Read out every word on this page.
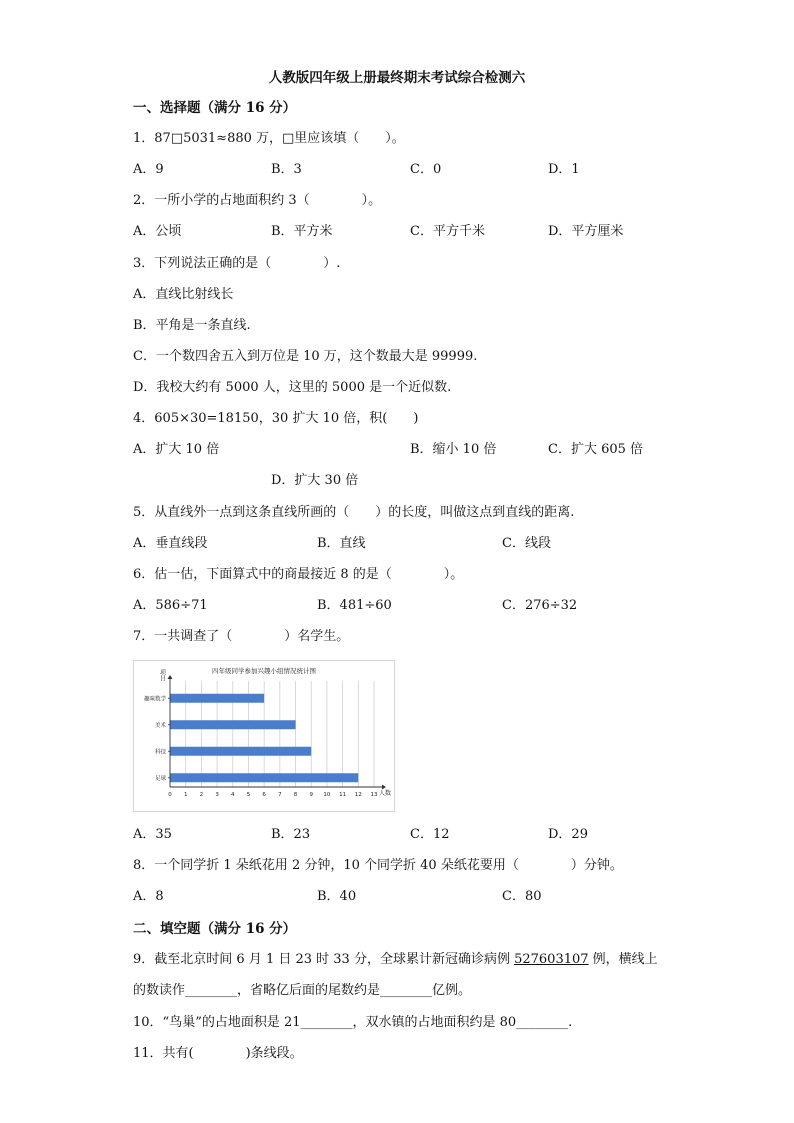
人教版四年级上册最终期末考试综合检测六
一、选择题（满分 16 分）
1．87□5031≈880 万，□里应该填（　　）。
A．9	B．3	C．0	D．1
2．一所小学的占地面积约 3（　　　　）。
A．公顷	B．平方米	C．平方千米	D．平方厘米
3．下列说法正确的是（　　　　）.
A．直线比射线长
B．平角是一条直线.
C．一个数四舍五入到万位是 10 万，这个数最大是 99999.
D．我校大约有 5000 人，这里的 5000 是一个近似数.
4．605×30=18150，30 扩大 10 倍，积(　　)
A．扩大 10 倍	B．缩小 10 倍	C．扩大 605 倍
D．扩大 30 倍
5．从直线外一点到这条直线所画的（　　）的长度，叫做这点到直线的距离.
A．垂直线段	B．直线	C．线段
6．估一估，下面算式中的商最接近 8 的是（　　　　）。
A．586÷71	B．481÷60	C．276÷32
7．一共调查了（　　　　）名学生。
四年级同学参加兴趣小组情况统计图
项目
人数
0 1 2 3 4 5 6 7 8 9 10 11 12 13
趣味数学
美术
科技
足球
A．35	B．23	C．12	D．29
8．一个同学折 1 朵纸花用 2 分钟，10 个同学折 40 朵纸花要用（　　　　）分钟。
A．8	B．40	C．80
二、填空题（满分 16 分）
9．截至北京时间 6 月 1 日 23 时 33 分，全球累计新冠确诊病例 527603107 例，横线上
的数读作________，省略亿后面的尾数约是________亿例。
10．“鸟巢”的占地面积是 21________，双水镇的占地面积约是 80________.
11．共有(　　　　)条线段。
